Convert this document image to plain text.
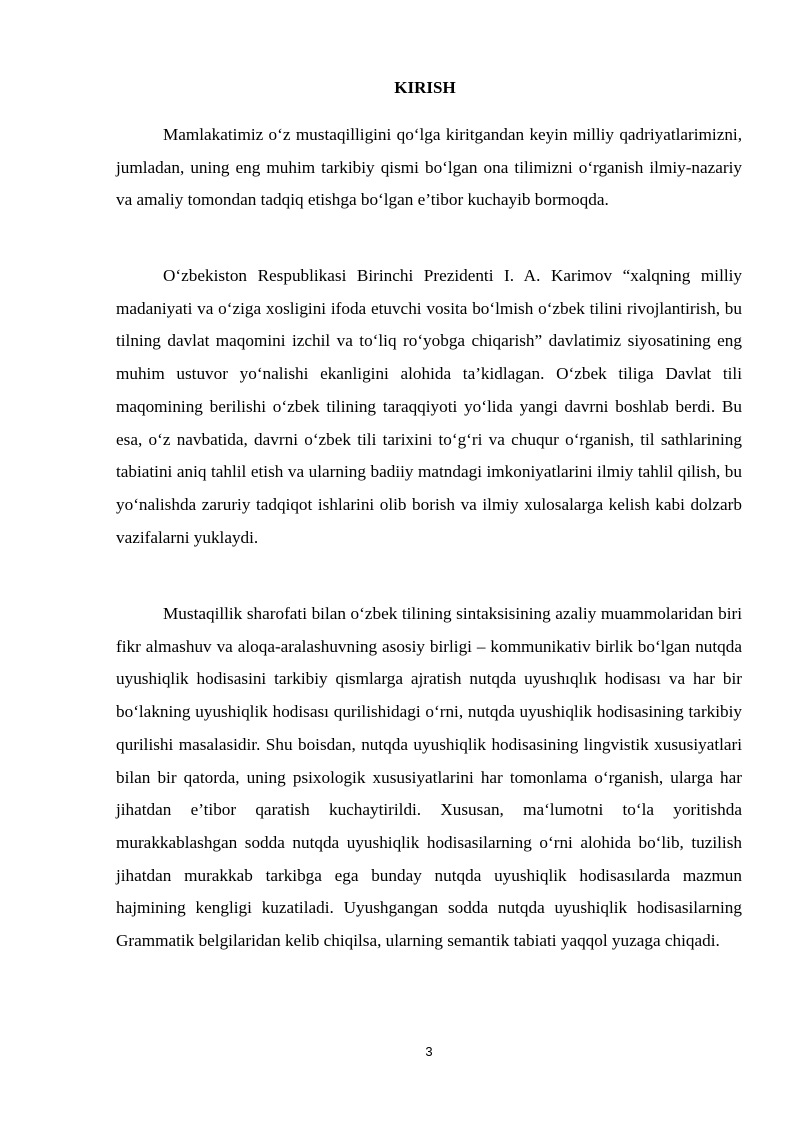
KIRISH

Mamlakatimiz o‘z mustaqilligini qo‘lga kiritgandan keyin milliy qadriyatlarimizni, jumladan, uning eng muhim tarkibiy qismi bo‘lgan ona tilimizni o‘rganish ilmiy-nazariy va amaliy tomondan tadqiq etishga bo‘lgan e’tibor kuchayib bormoqda.

O‘zbekiston Respublikasi Birinchi Prezidenti I. A. Karimov “xalqning milliy madaniyati va o‘ziga xosligini ifoda etuvchi vosita bo‘lmish o‘zbek tilini rivojlantirish, bu tilning davlat maqomini izchil va to‘liq ro‘yobga chiqarish” davlatimiz siyosatining eng muhim ustuvor yo‘nalishi ekanligini alohida ta’kidlagan. O‘zbek tiliga Davlat tili maqomining berilishi o‘zbek tilining taraqqiyoti yo‘lida yangi davrni boshlab berdi. Bu esa, o‘z navbatida, davrni o‘zbek tili tarixini to‘g‘ri va chuqur o‘rganish, til sathlarining tabiatini aniq tahlil etish va ularning badiiy matndagi imkoniyatlarini ilmiy tahlil qilish, bu yo‘nalishda zaruriy tadqiqot ishlarini olib borish va ilmiy xulosalarga kelish kabi dolzarb vazifalarni yuklaydi.

Mustaqillik sharofati bilan o‘zbek tilining sintaksisining azaliy muammolaridan biri fikr almashuv va aloqa-aralashuvning asosiy birligi – kommunikativ birlik bo‘lgan nutqda uyushiqlik hodisasini tarkibiy qismlarga ajratish nutqda uyushıqlık hodisası va har bir bo‘lakning uyushiqlik hodisası qurilishidagi o‘rni, nutqda uyushiqlik hodisasining tarkibiy qurilishi masalasidir. Shu boisdan, nutqda uyushiqlik hodisasining lingvistik xususiyatlari bilan bir qatorda, uning psixologik xususiyatlarini har tomonlama o‘rganish, ularga har jihatdan e’tibor qaratish kuchaytirildi. Xususan, ma‘lumotni to‘la yoritishda murakkablashgan sodda nutqda uyushiqlik hodisasilarning o‘rni alohida bo‘lib, tuzilish jihatdan murakkab tarkibga ega bunday nutqda uyushiqlik hodisasılarda mazmun hajmining kengligi kuzatiladi. Uyushgangan sodda nutqda uyushiqlik hodisasilarning Grammatik belgilaridan kelib chiqilsa, ularning semantik tabiati yaqqol yuzaga chiqadi.

3
